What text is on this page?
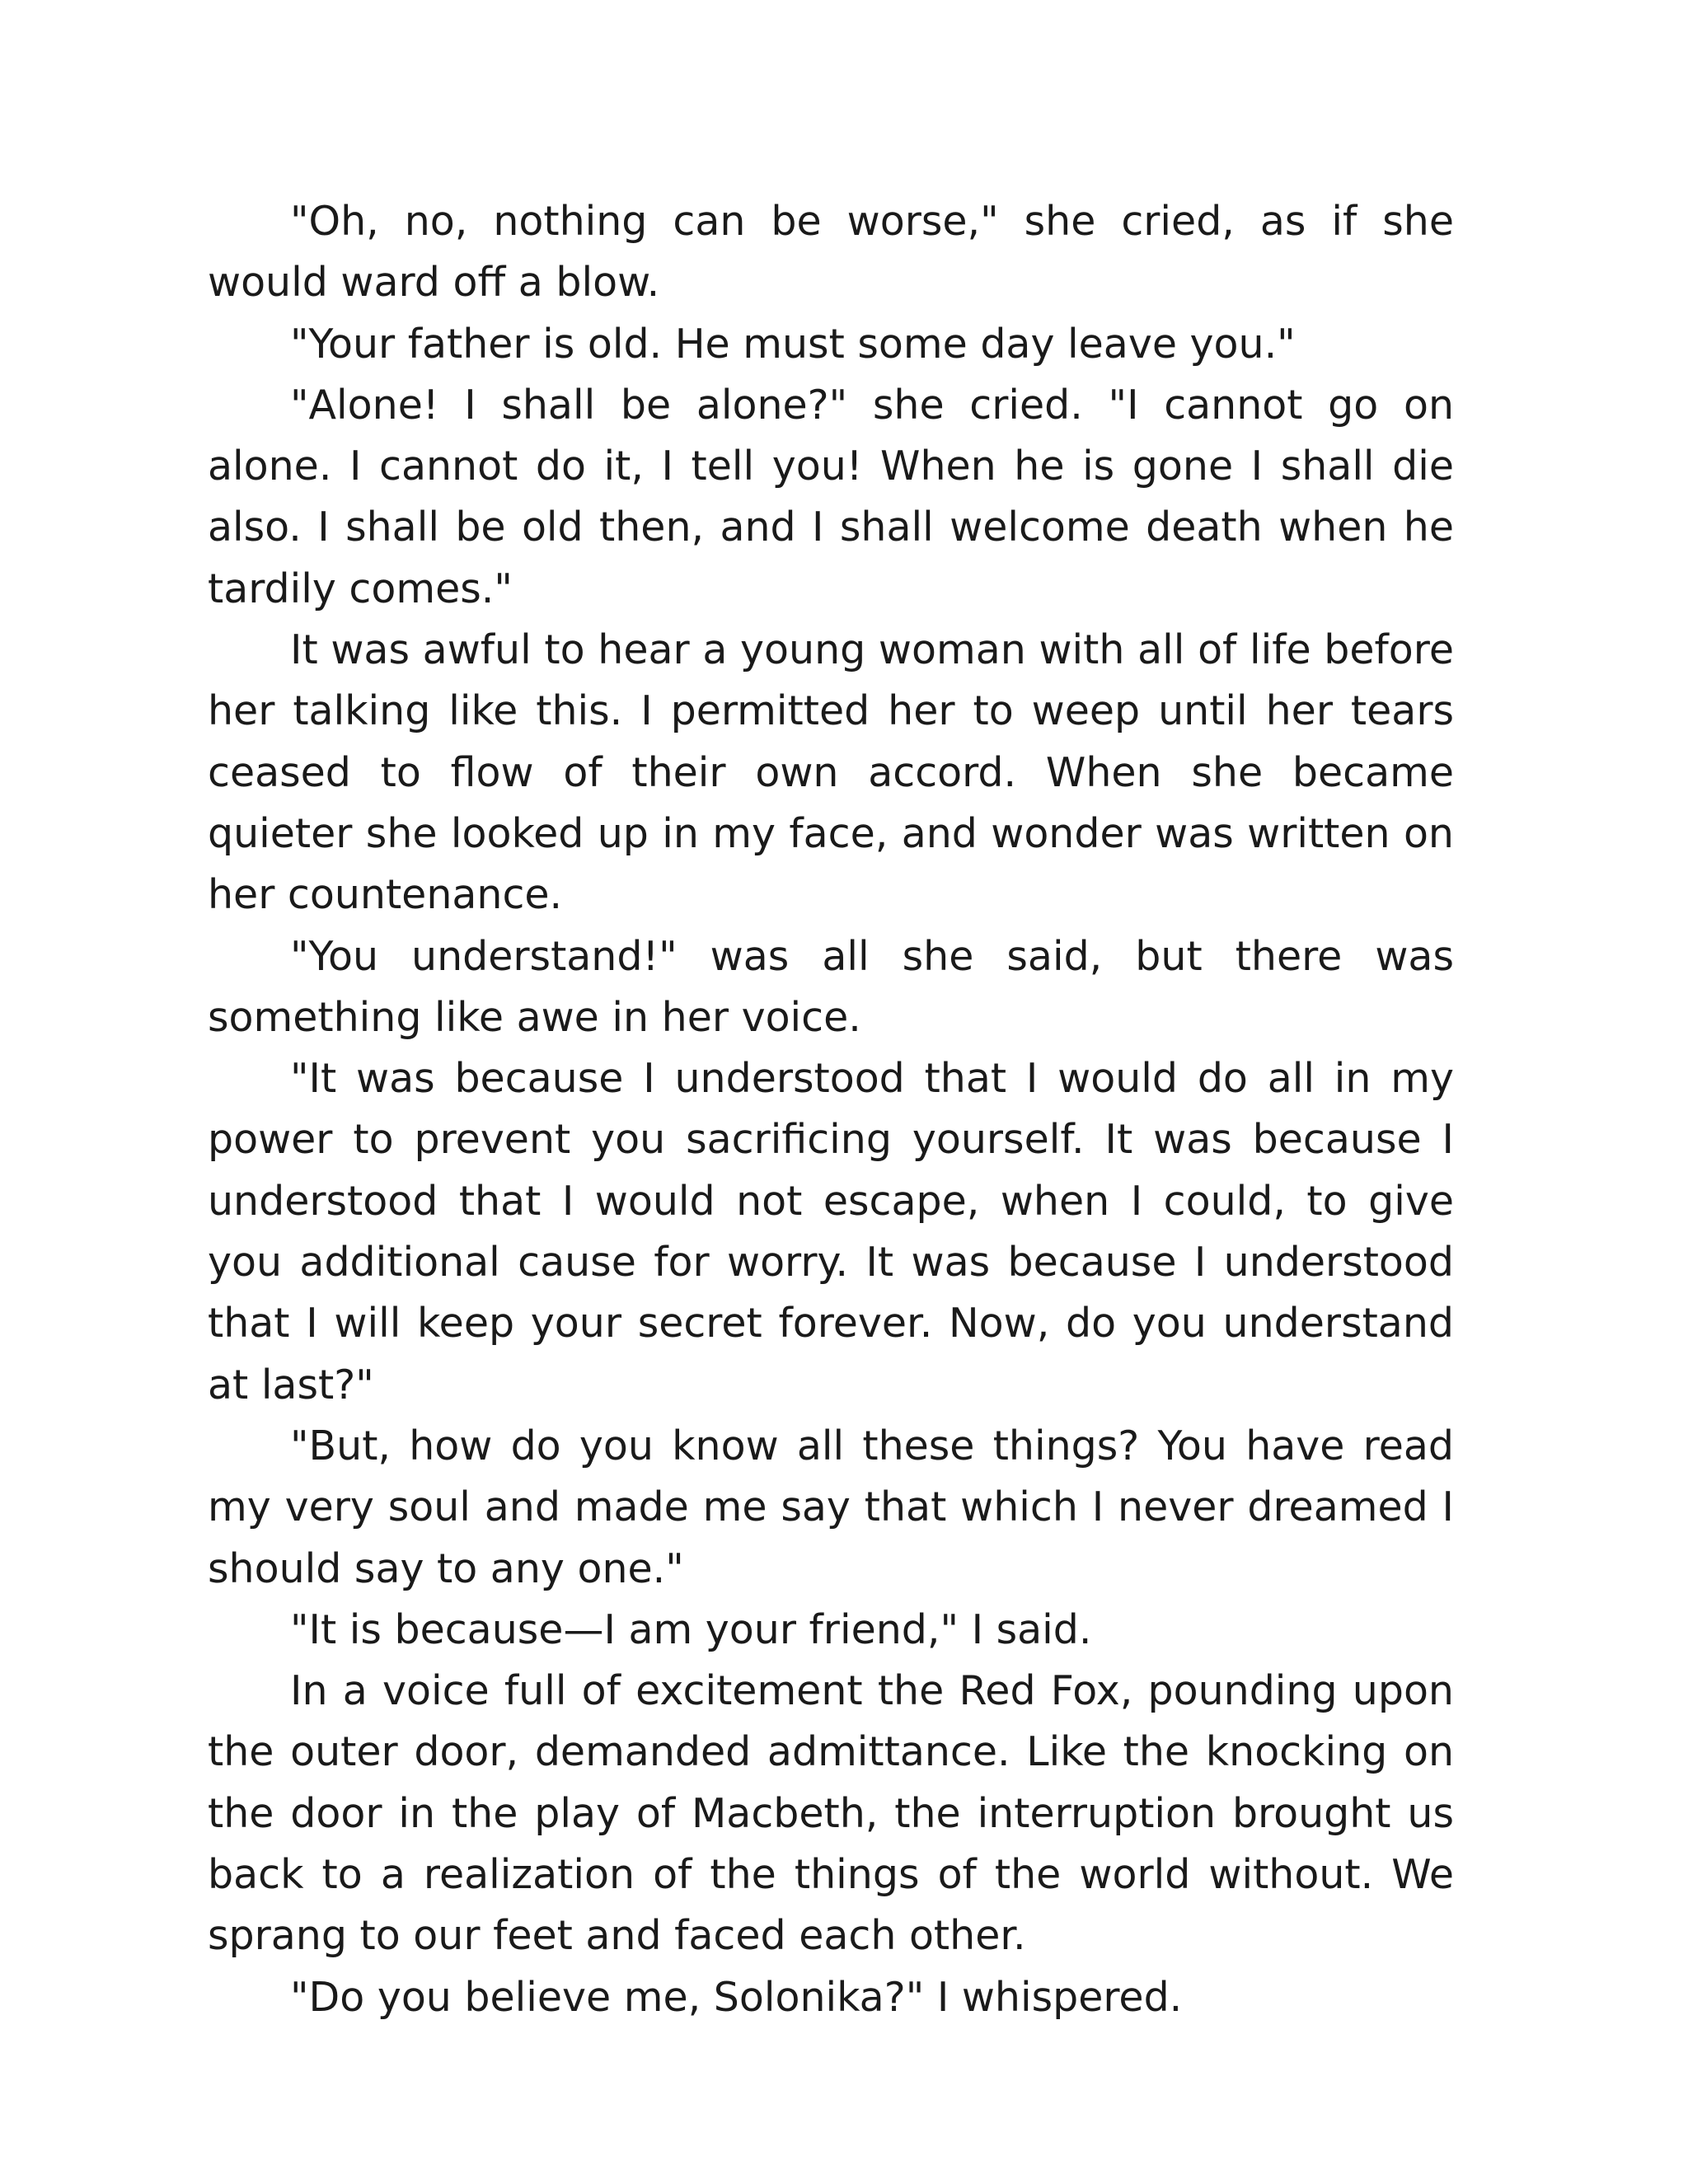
"Oh, no, nothing can be worse," she cried, as if she would ward off a blow.

"Your father is old. He must some day leave you."

"Alone! I shall be alone?" she cried. "I cannot go on alone. I cannot do it, I tell you! When he is gone I shall die also. I shall be old then, and I shall welcome death when he tardily comes."

It was awful to hear a young woman with all of life before her talking like this. I permitted her to weep until her tears ceased to flow of their own accord. When she became quieter she looked up in my face, and wonder was written on her countenance.

"You understand!" was all she said, but there was something like awe in her voice.

"It was because I understood that I would do all in my power to prevent you sacrificing yourself. It was because I understood that I would not escape, when I could, to give you additional cause for worry. It was because I understood that I will keep your secret forever. Now, do you understand at last?"

"But, how do you know all these things? You have read my very soul and made me say that which I never dreamed I should say to any one."

"It is because—I am your friend," I said.

In a voice full of excitement the Red Fox, pounding upon the outer door, demanded admittance. Like the knocking on the door in the play of Macbeth, the interruption brought us back to a realization of the things of the world without. We sprang to our feet and faced each other.

"Do you believe me, Solonika?" I whispered.
